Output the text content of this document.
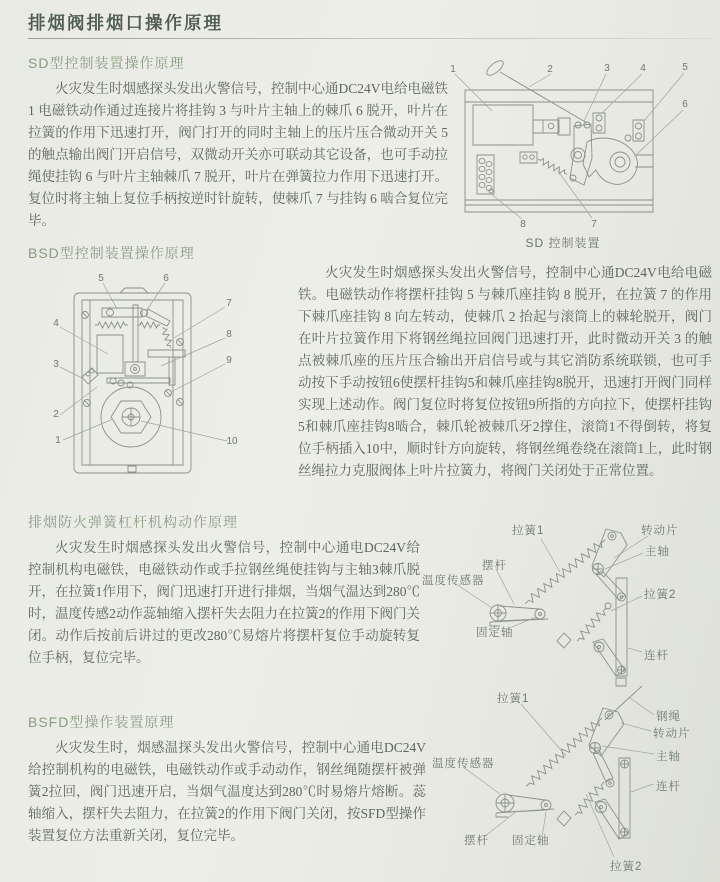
排烟阀排烟口操作原理
SD型控制装置操作原理
火灾发生时烟感探头发出火警信号，控制中心通DC24V电给电磁铁 1 电磁铁动作通过连接片将挂钩 3 与叶片主轴上的棘爪 6 脱开，叶片在拉簧的作用下迅速打开，阀门打开的同时主轴上的压片压合微动开关 5 的触点输出阀门开启信号，双微动开关亦可联动其它设备，也可手动拉绳使挂钩 6 与叶片主轴棘爪 7 脱开，叶片在弹簧拉力作用下迅速打开。复位时将主轴上复位手柄按逆时针旋转，使棘爪 7 与挂钩 6 啮合复位完毕。
1	2	3	4	5
6
7
8
SD 控制装置
BSD型控制装置操作原理
5	6
7
8
9
10
4
3
2
1
火灾发生时烟感探头发出火警信号，控制中心通DC24V电给电磁铁。电磁铁动作将摆杆挂钩 5 与棘爪座挂钩 8 脱开，在拉簧 7 的作用下棘爪座挂钩 8 向左转动，使棘爪 2 抬起与滚筒上的棘轮脱开，阀门在叶片拉簧作用下将钢丝绳拉回阀门迅速打开，此时微动开关 3 的触点被棘爪座的压片压合输出开启信号或与其它消防系统联锁，也可手动按下手动按钮6使摆杆挂钩5和棘爪座挂钩8脱开，迅速打开阀门同样实现上述动作。阀门复位时将复位按钮9所指的方向拉下，使摆杆挂钩5和棘爪座挂钩8啮合，棘爪轮被棘爪牙2撑住，滚筒1不得倒转，将复位手柄插入10中，顺时针方向旋转，将钢丝绳卷绕在滚筒1上，此时钢丝绳拉力克服阀体上叶片拉簧力，将阀门关闭处于正常位置。
排烟防火弹簧杠杆机构动作原理
火灾发生时烟感探头发出火警信号，控制中心通电DC24V给控制机构电磁铁，电磁铁动作或手拉钢丝绳使挂钩与主轴3棘爪脱开，在拉簧1作用下，阀门迅速打开进行排烟，当烟气温达到280℃时，温度传感2动作蕊轴缩入摆杆失去阻力在拉簧2的作用下阀门关闭。动作后按前后讲过的更改280℃易熔片将摆杆复位手动旋转复位手柄，复位完毕。
拉簧1	转动片
主轴
摆杆
温度传感器
固定轴
拉簧2
连杆
BSFD型操作装置原理
火灾发生时，烟感温探头发出火警信号，控制中心通电DC24V给控制机构的电磁铁，电磁铁动作或手动动作，钢丝绳随摆杆被弹簧2拉回，阀门迅速开启，当烟气温度达到280℃时易熔片熔断。蕊轴缩入，摆杆失去阻力，在拉簧2的作用下阀门关闭，按SFD型操作装置复位方法重新关闭，复位完毕。
拉簧1
钢绳
转动片
主轴
连杆
温度传感器
摆杆 固定轴
拉簧2
